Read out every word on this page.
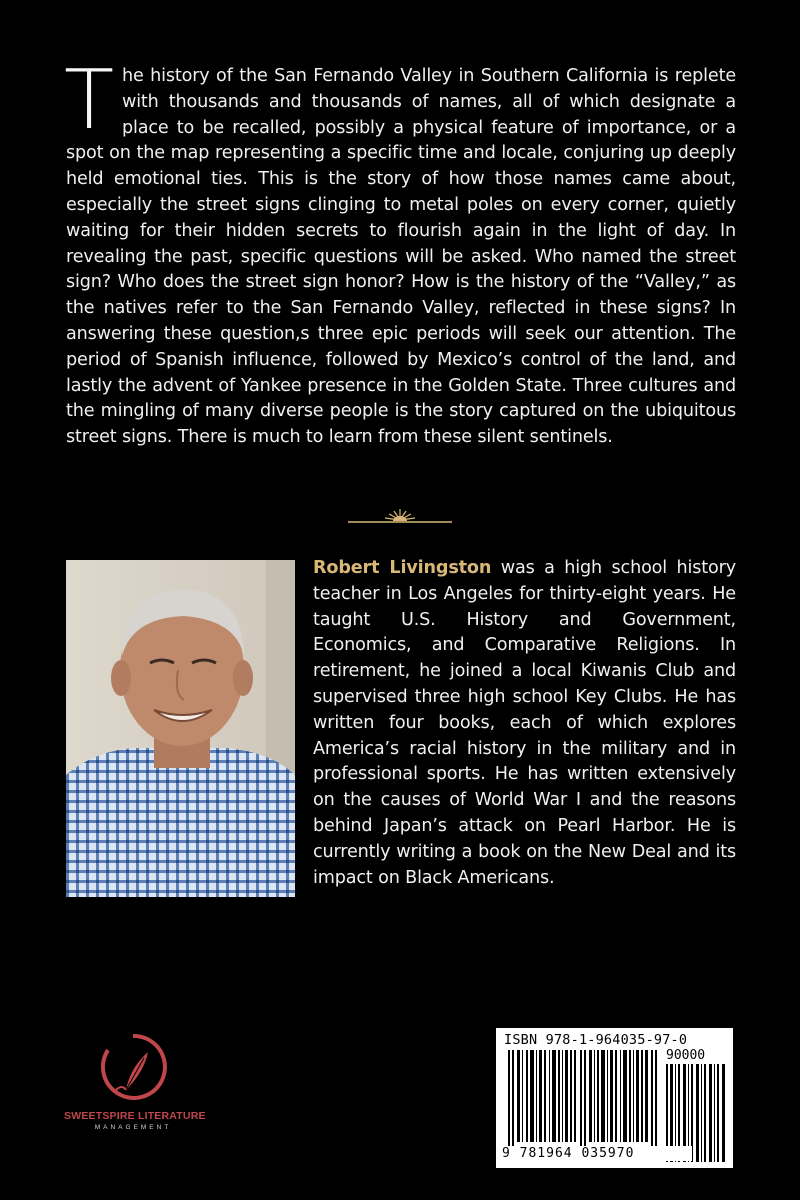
The history of the San Fernando Valley in Southern California is replete with thousands and thousands of names, all of which designate a place to be recalled, possibly a physical feature of importance, or a spot on the map representing a specific time and locale, conjuring up deeply held emotional ties. This is the story of how those names came about, especially the street signs clinging to metal poles on every corner, quietly waiting for their hidden secrets to flourish again in the light of day. In revealing the past, specific questions will be asked. Who named the street sign? Who does the street sign honor? How is the history of the “Valley,” as the natives refer to the San Fernando Valley, reflected in these signs? In answering these question,s three epic periods will seek our attention. The period of Spanish influence, followed by Mexico’s control of the land, and lastly the advent of Yankee presence in the Golden State. Three cultures and the mingling of many diverse people is the story captured on the ubiquitous street signs. There is much to learn from these silent sentinels.
Robert Livingston was a high school history teacher in Los Angeles for thirty-eight years. He taught U.S. History and Government, Economics, and Comparative Religions. In retirement, he joined a local Kiwanis Club and supervised three high school Key Clubs. He has written four books, each of which explores America’s racial history in the military and in professional sports. He has written extensively on the causes of World War I and the reasons behind Japan’s attack on Pearl Harbor. He is currently writing a book on the New Deal and its impact on Black Americans.
SWEETSPIRE LITERATURE
MANAGEMENT
ISBN 978-1-964035-97-0
90000
9 781964 035970
